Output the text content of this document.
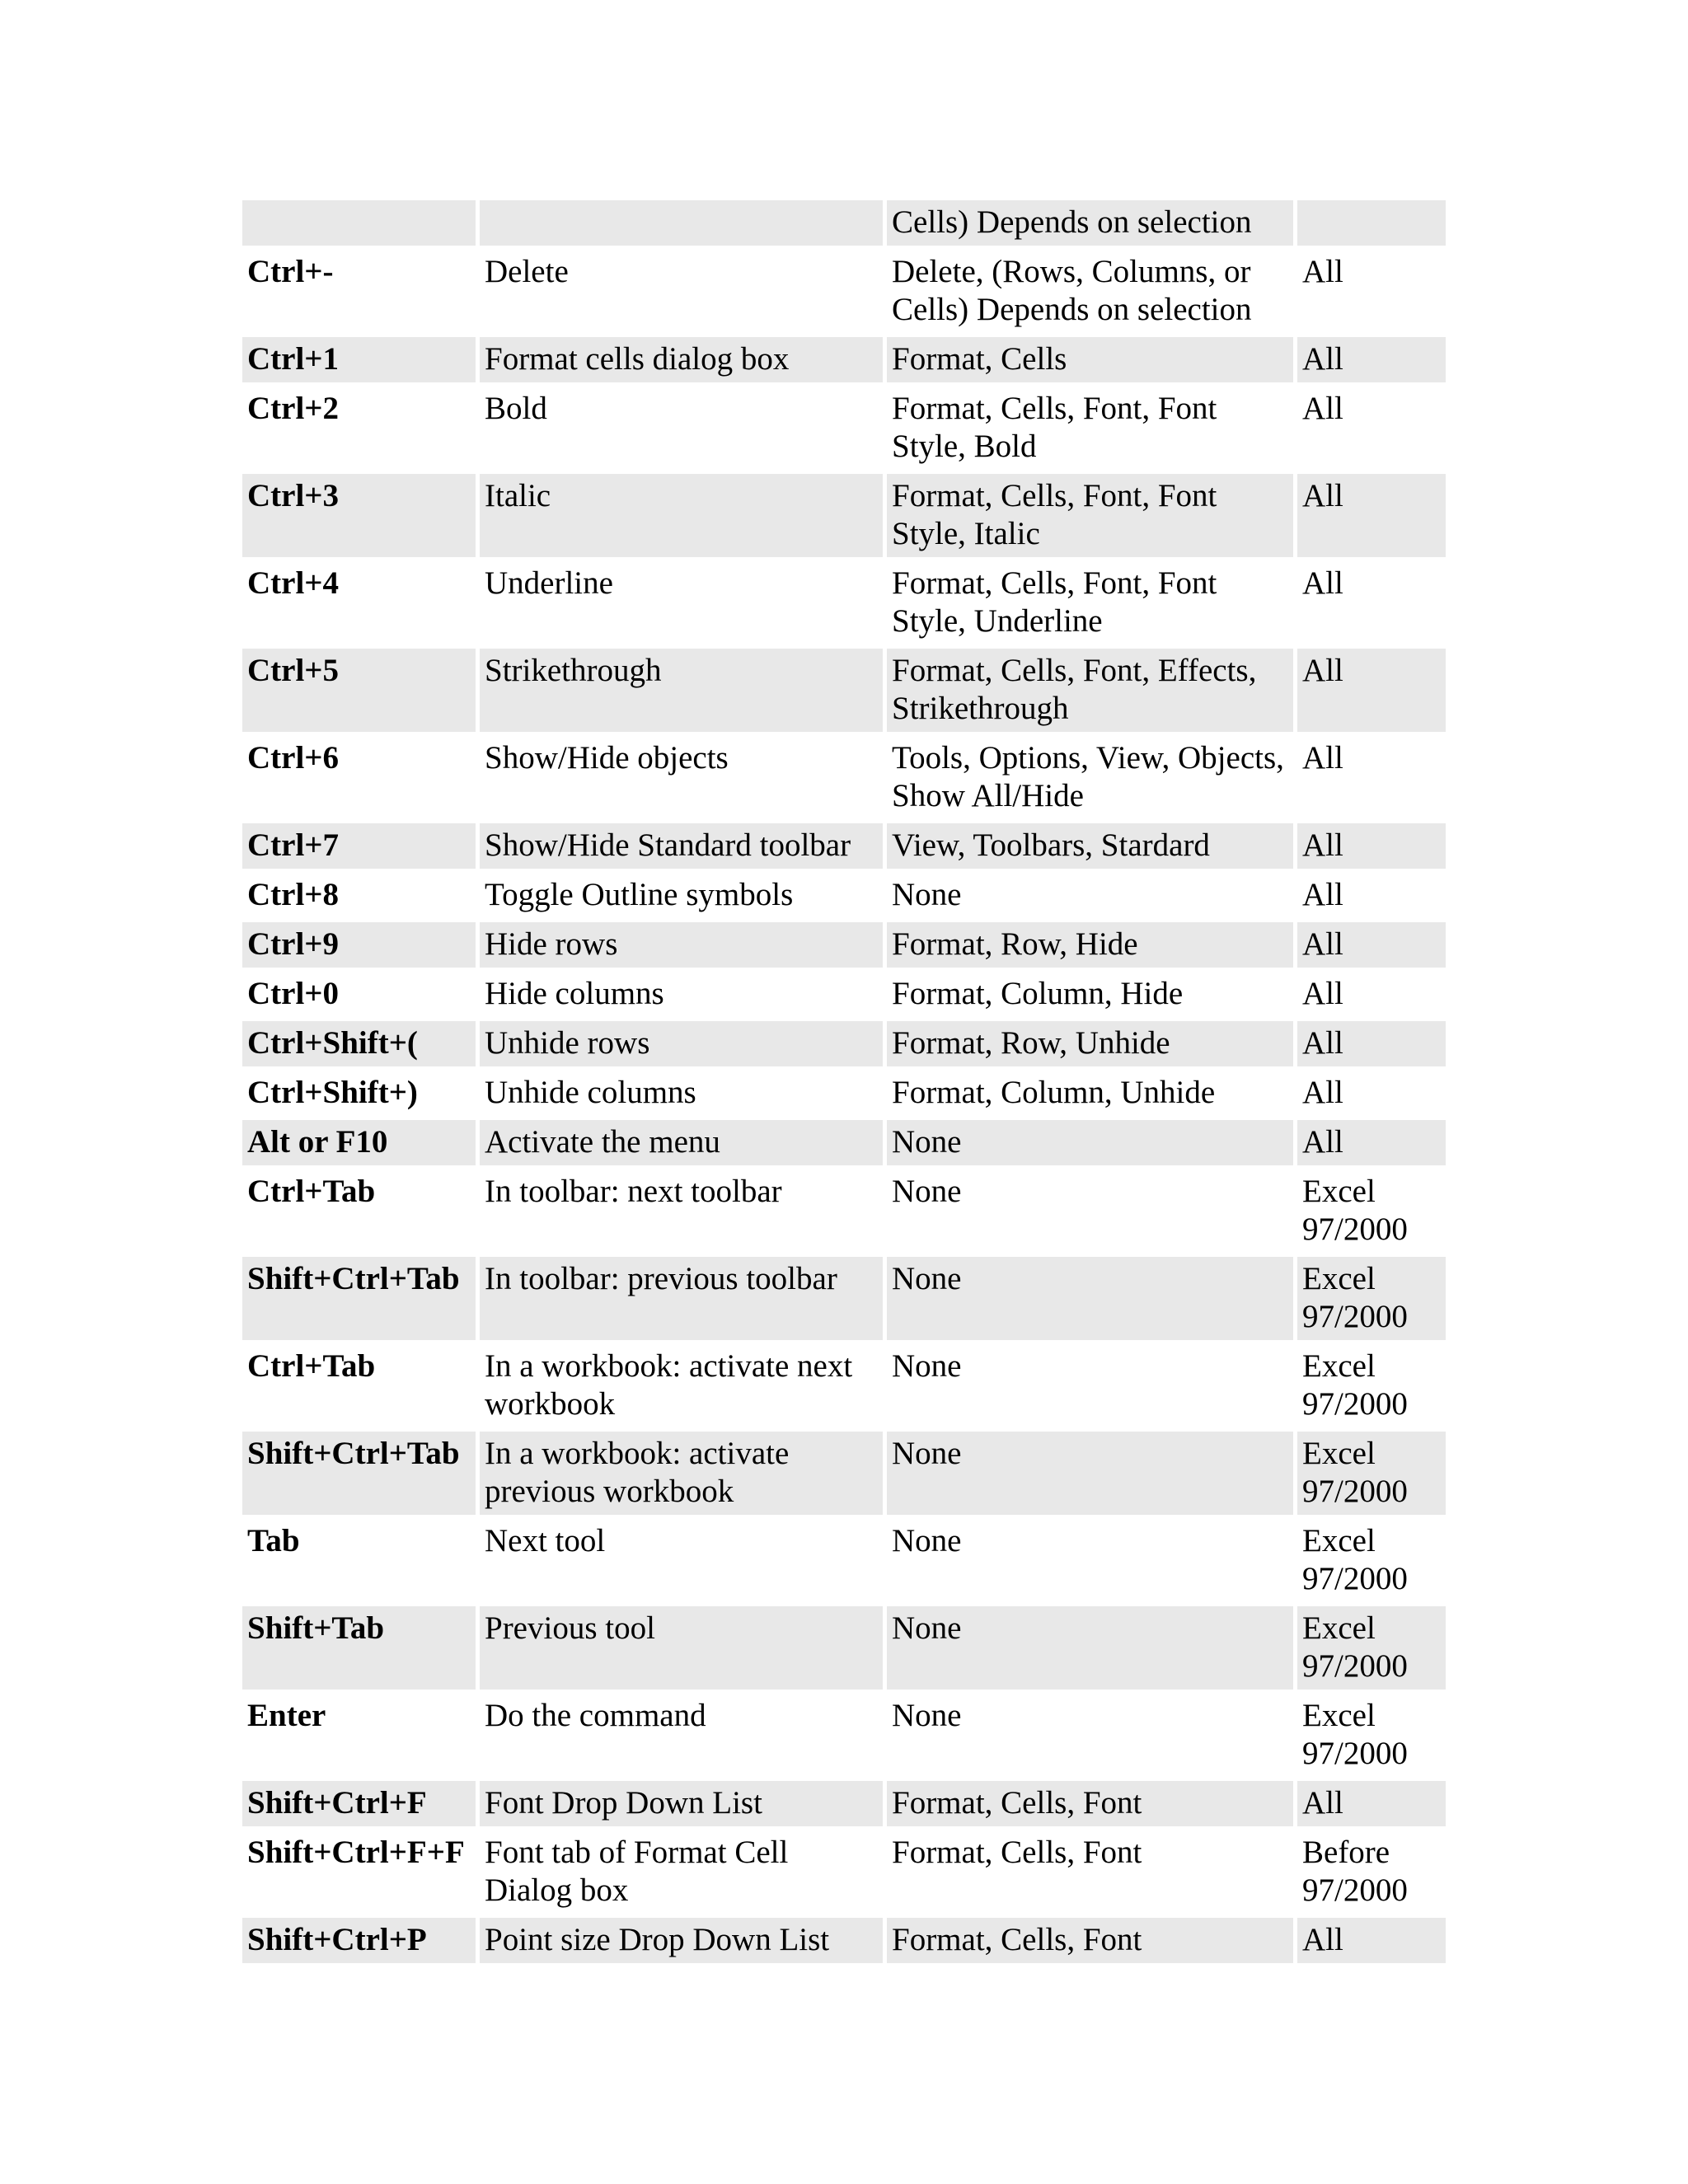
		Cells) Depends on selection	
Ctrl+-	Delete	Delete, (Rows, Columns, or Cells) Depends on selection	All
Ctrl+1	Format cells dialog box	Format, Cells	All
Ctrl+2	Bold	Format, Cells, Font, Font Style, Bold	All
Ctrl+3	Italic	Format, Cells, Font, Font Style, Italic	All
Ctrl+4	Underline	Format, Cells, Font, Font Style, Underline	All
Ctrl+5	Strikethrough	Format, Cells, Font, Effects, Strikethrough	All
Ctrl+6	Show/Hide objects	Tools, Options, View, Objects, Show All/Hide	All
Ctrl+7	Show/Hide Standard toolbar	View, Toolbars, Stardard	All
Ctrl+8	Toggle Outline symbols	None	All
Ctrl+9	Hide rows	Format, Row, Hide	All
Ctrl+0	Hide columns	Format, Column, Hide	All
Ctrl+Shift+(	Unhide rows	Format, Row, Unhide	All
Ctrl+Shift+)	Unhide columns	Format, Column, Unhide	All
Alt or F10	Activate the menu	None	All
Ctrl+Tab	In toolbar: next toolbar	None	Excel 97/2000
Shift+Ctrl+Tab	In toolbar: previous toolbar	None	Excel 97/2000
Ctrl+Tab	In a workbook: activate next workbook	None	Excel 97/2000
Shift+Ctrl+Tab	In a workbook: activate previous workbook	None	Excel 97/2000
Tab	Next tool	None	Excel 97/2000
Shift+Tab	Previous tool	None	Excel 97/2000
Enter	Do the command	None	Excel 97/2000
Shift+Ctrl+F	Font Drop Down List	Format, Cells, Font	All
Shift+Ctrl+F+F	Font tab of Format Cell Dialog box	Format, Cells, Font	Before 97/2000
Shift+Ctrl+P	Point size Drop Down List	Format, Cells, Font	All
